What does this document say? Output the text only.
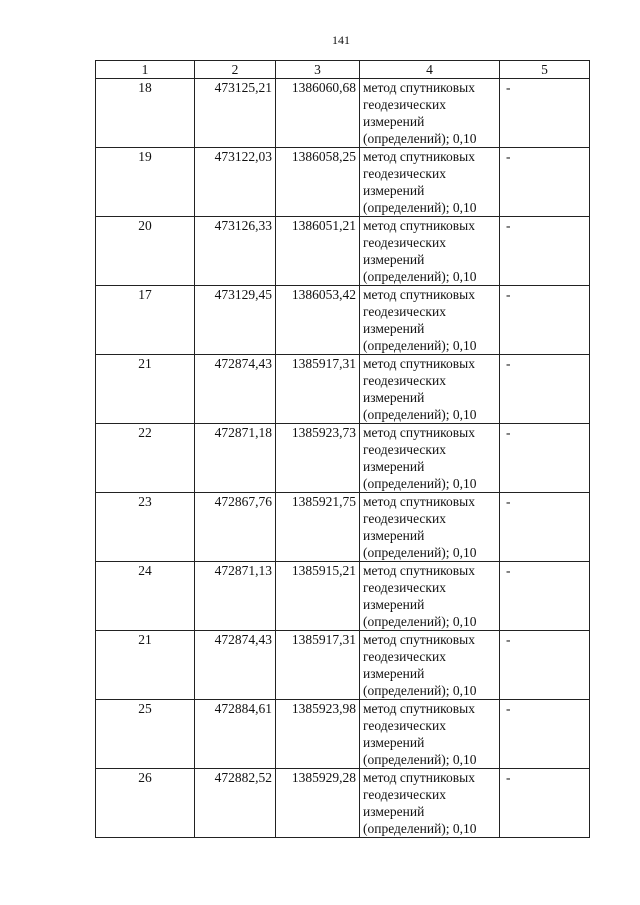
141
1	2	3	4	5
18	473125,21	1386060,68	метод спутниковых
геодезических
измерений
(определений); 0,10	-
19	473122,03	1386058,25	метод спутниковых
геодезических
измерений
(определений); 0,10	-
20	473126,33	1386051,21	метод спутниковых
геодезических
измерений
(определений); 0,10	-
17	473129,45	1386053,42	метод спутниковых
геодезических
измерений
(определений); 0,10	-
21	472874,43	1385917,31	метод спутниковых
геодезических
измерений
(определений); 0,10	-
22	472871,18	1385923,73	метод спутниковых
геодезических
измерений
(определений); 0,10	-
23	472867,76	1385921,75	метод спутниковых
геодезических
измерений
(определений); 0,10	-
24	472871,13	1385915,21	метод спутниковых
геодезических
измерений
(определений); 0,10	-
21	472874,43	1385917,31	метод спутниковых
геодезических
измерений
(определений); 0,10	-
25	472884,61	1385923,98	метод спутниковых
геодезических
измерений
(определений); 0,10	-
26	472882,52	1385929,28	метод спутниковых
геодезических
измерений
(определений); 0,10	-
